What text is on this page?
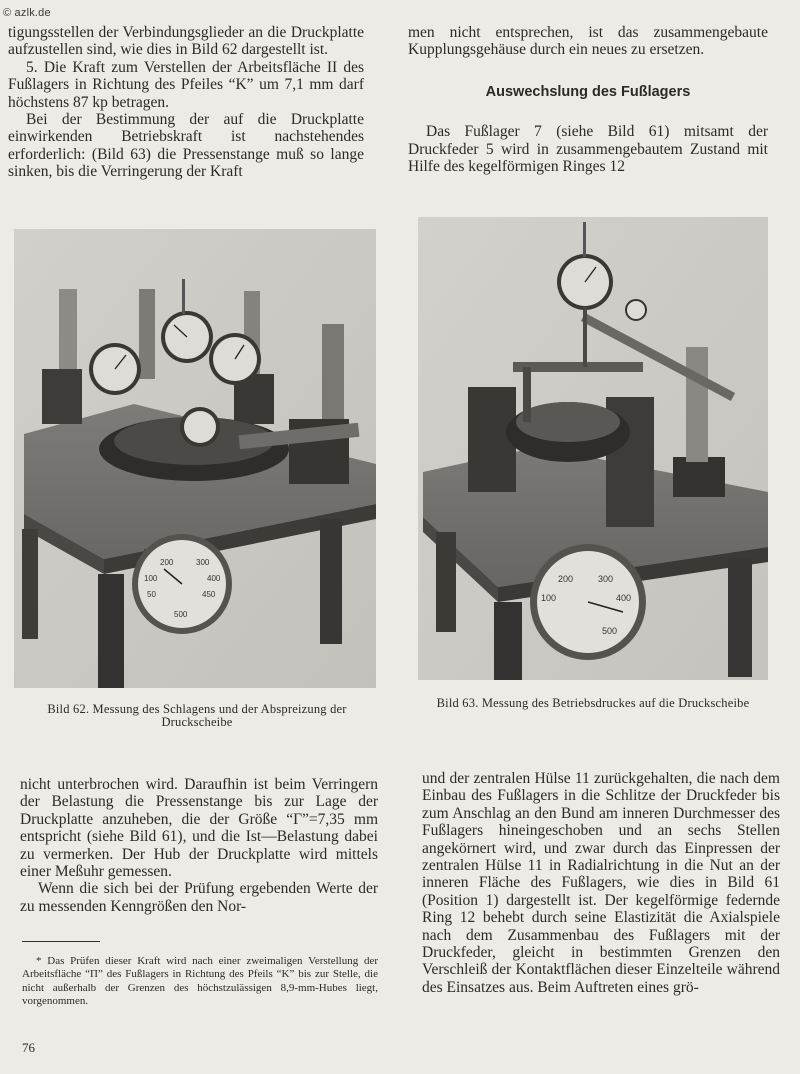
© azlk.de

tigungsstellen der Verbindungsglieder an die Druckplatte aufzustellen sind, wie dies in Bild 62 dargestellt ist.

5. Die Kraft zum Verstellen der Arbeitsfläche II des Fußlagers in Richtung des Pfeiles “K” um 7,1 mm darf höchstens 87 kp betragen.

Bei der Bestimmung der auf die Druckplatte einwirkenden Betriebskraft ist nachstehendes erforderlich: (Bild 63) die Pressenstange muß so lange sinken, bis die Verringerung der Kraft

men nicht entsprechen, ist das zusammengebaute Kupplungsgehäuse durch ein neues zu ersetzen.

Auswechslung des Fußlagers

Das Fußlager 7 (siehe Bild 61) mitsamt der Druckfeder 5 wird in zusammengebautem Zustand mit Hilfe des kegelförmigen Ringes 12

200	300
100	400
50	450
500
200	300
100	400
500
Bild 62. Messung des Schlagens und der Abspreizung der Druckscheibe
Bild 63. Messung des Betriebsdruckes auf die Druckscheibe

nicht unterbrochen wird. Daraufhin ist beim Verringern der Belastung die Pressenstange bis zur Lage der Druckplatte anzuheben, die der Größe “Γ”=7,35 mm entspricht (siehe Bild 61), und die Ist—Belastung dabei zu vermerken. Der Hub der Druckplatte wird mittels einer Meßuhr gemessen.

Wenn die sich bei der Prüfung ergebenden Werte der zu messenden Kenngrößen den Nor-

und der zentralen Hülse 11 zurückgehalten, die nach dem Einbau des Fußlagers in die Schlitze der Druckfeder bis zum Anschlag an den Bund am inneren Durchmesser des Fußlagers hineingeschoben und an sechs Stellen angekörnert wird, und zwar durch das Einpressen der zentralen Hülse 11 in Radialrichtung in die Nut an der inneren Fläche des Fußlagers, wie dies in Bild 61 (Position 1) dargestellt ist. Der kegelförmige federnde Ring 12 behebt durch seine Elastizität die Axialspiele nach dem Zusammenbau des Fußlagers mit der Druckfeder, gleicht in bestimmten Grenzen den Verschleiß der Kontaktflächen dieser Einzelteile während des Einsatzes aus. Beim Auftreten eines grö-

* Das Prüfen dieser Kraft wird nach einer zweimaligen Verstellung der Arbeitsfläche “П” des Fußlagers in Richtung des Pfeils “K” bis zur Stelle, die nicht außerhalb der Grenzen des höchstzulässigen 8,9-mm-Hubes liegt, vorgenommen.
76
